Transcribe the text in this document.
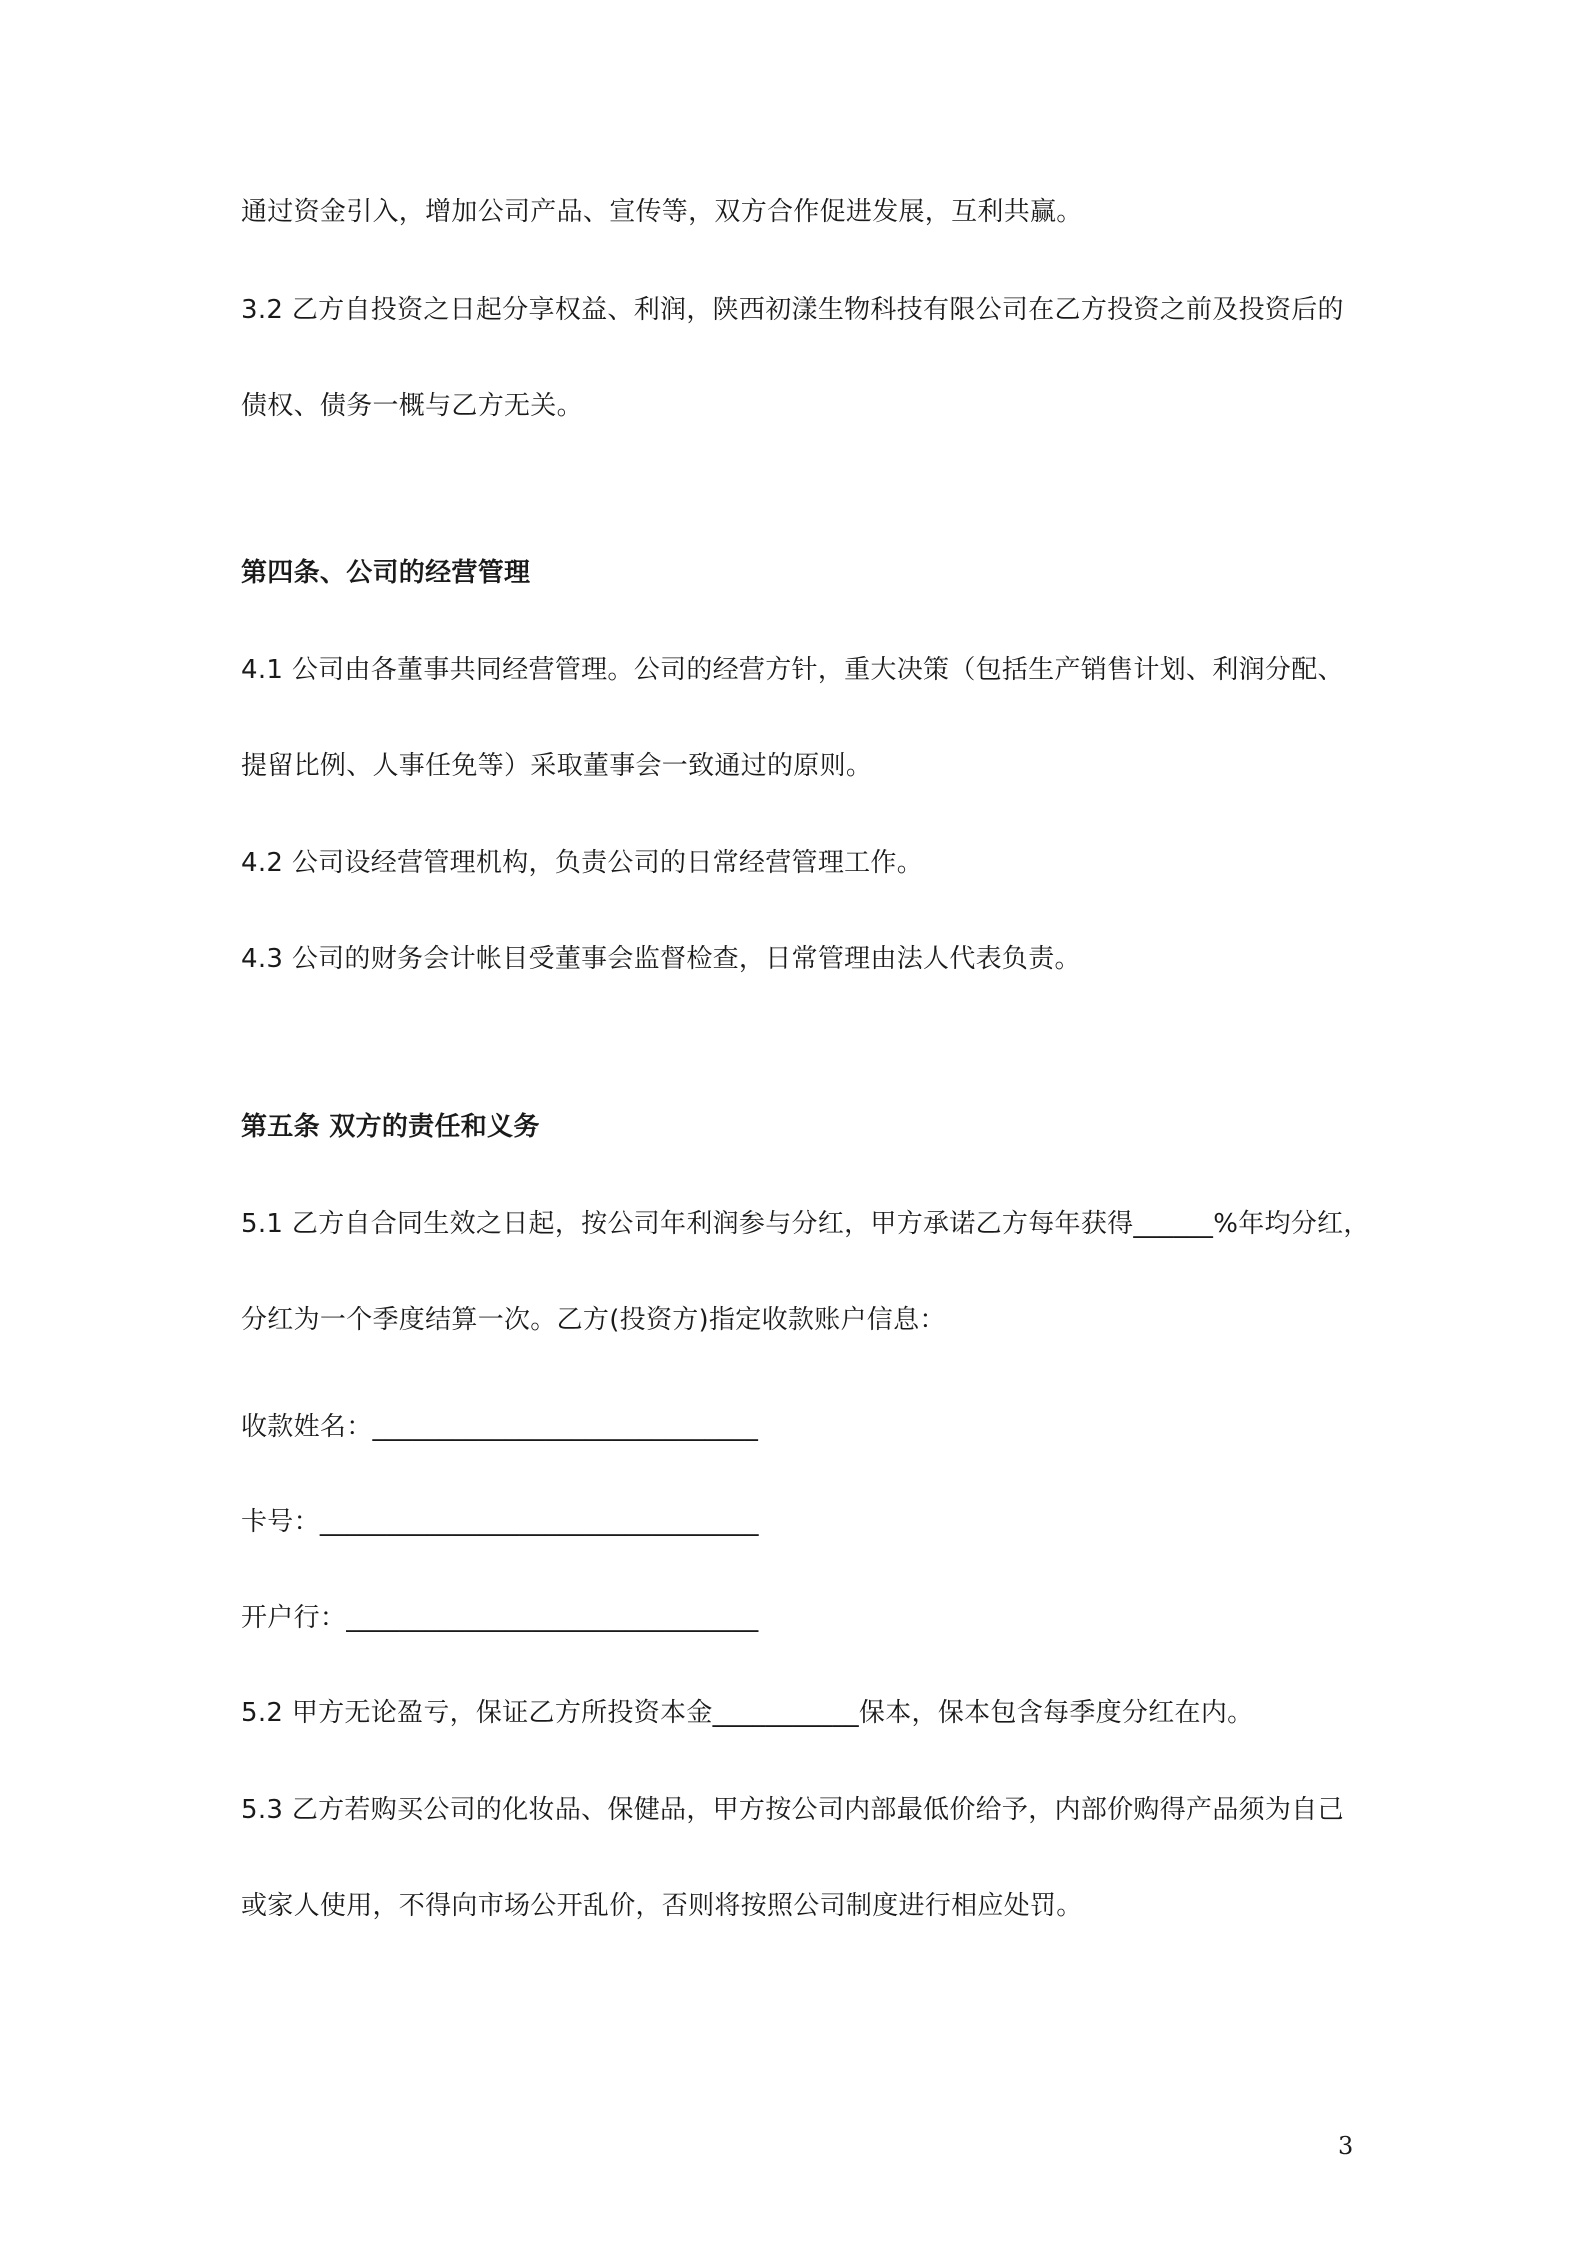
通过资金引入，增加公司产品、宣传等，双方合作促进发展，互利共赢。

3.2 乙方自投资之日起分享权益、利润，陕西初漾生物科技有限公司在乙方投资之前及投资后的

债权、债务一概与乙方无关。

第四条、公司的经营管理

4.1 公司由各董事共同经营管理。公司的经营方针，重大决策（包括生产销售计划、利润分配、

提留比例、人事任免等）采取董事会一致通过的原则。

4.2 公司设经营管理机构，负责公司的日常经营管理工作。

4.3 公司的财务会计帐目受董事会监督检查，日常管理由法人代表负责。

第五条 双方的责任和义务

5.1 乙方自合同生效之日起，按公司年利润参与分红，甲方承诺乙方每年获得______%年均分红，

分红为一个季度结算一次。乙方(投资方)指定收款账户信息：

收款姓名：_____________________________

卡号：_________________________________

开户行：_______________________________

5.2 甲方无论盈亏，保证乙方所投资本金___________保本，保本包含每季度分红在内。

5.3 乙方若购买公司的化妆品、保健品，甲方按公司内部最低价给予，内部价购得产品须为自己

或家人使用，不得向市场公开乱价，否则将按照公司制度进行相应处罚。

3
